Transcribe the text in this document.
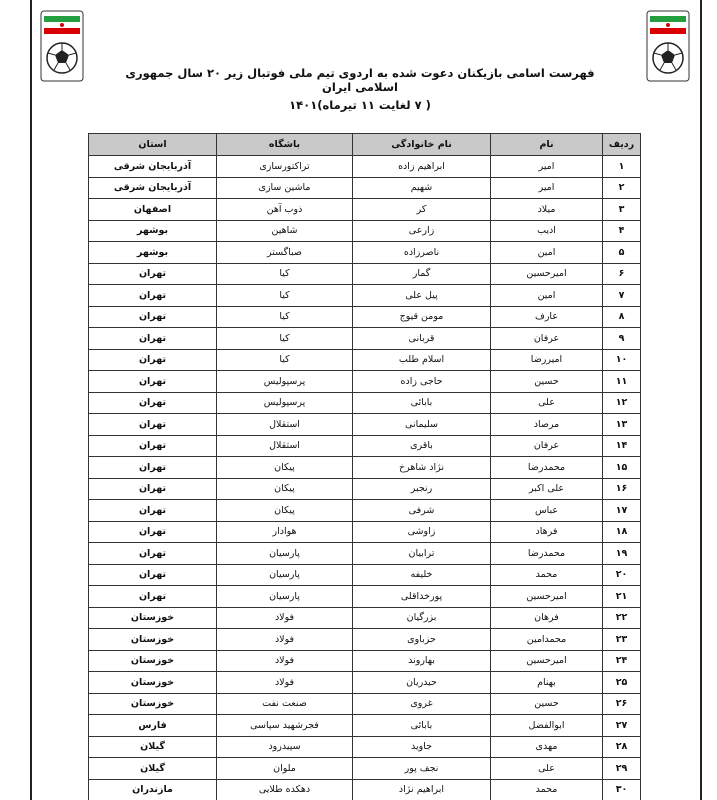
فهرست اسامی بازیکنان دعوت شده به اردوی تیم ملی فوتبال زیر ۲۰ سال جمهوری اسلامی ایران
( ۷ لغایت ۱۱ تیرماه)۱۴۰۱
ردیف	نام	نام خانوادگی	باشگاه	استان
۱	امیر	ابراهیم زاده	تراکتورسازی	آذربایجان شرقی
۲	امیر	شهیم	ماشین سازی	آذربایجان شرقی
۳	میلاد	کر	ذوب آهن	اصفهان
۴	ادیب	زارعی	شاهین	بوشهر
۵	امین	ناصرزاده	صباگستر	بوشهر
۶	امیرحسین	گمار	کیا	تهران
۷	امین	پیل علی	کیا	تهران
۸	عارف	مومن قیوج	کیا	تهران
۹	عرفان	قربانی	کیا	تهران
۱۰	امیررضا	اسلام طلب	کیا	تهران
۱۱	حسین	حاجی زاده	پرسپولیس	تهران
۱۲	علی	بابائی	پرسپولیس	تهران
۱۳	مرصاد	سلیمانی	استقلال	تهران
۱۴	عرفان	باقری	استقلال	تهران
۱۵	محمدرضا	نژاد شاهرخ	پیکان	تهران
۱۶	علی اکبر	رنجبر	پیکان	تهران
۱۷	عباس	شرفی	پیکان	تهران
۱۸	فرهاد	زاوشی	هوادار	تهران
۱۹	محمدرضا	ترابیان	پارسیان	تهران
۲۰	محمد	خلیفه	پارسیان	تهران
۲۱	امیرحسین	پورخداقلی	پارسیان	تهران
۲۲	فرهان	بزرگیان	فولاد	خوزستان
۲۳	محمدامین	حزباوی	فولاد	خوزستان
۲۴	امیرحسین	بهاروند	فولاد	خوزستان
۲۵	بهنام	حیدریان	فولاد	خوزستان
۲۶	حسین	غروی	صنعت نفت	خوزستان
۲۷	ابوالفضل	بابائی	فجرشهید سپاسی	فارس
۲۸	مهدی	جاوید	سپیدرود	گیلان
۲۹	علی	نجف پور	ملوان	گیلان
۳۰	محمد	ابراهیم نژاد	دهکده طلایی	مازندران
